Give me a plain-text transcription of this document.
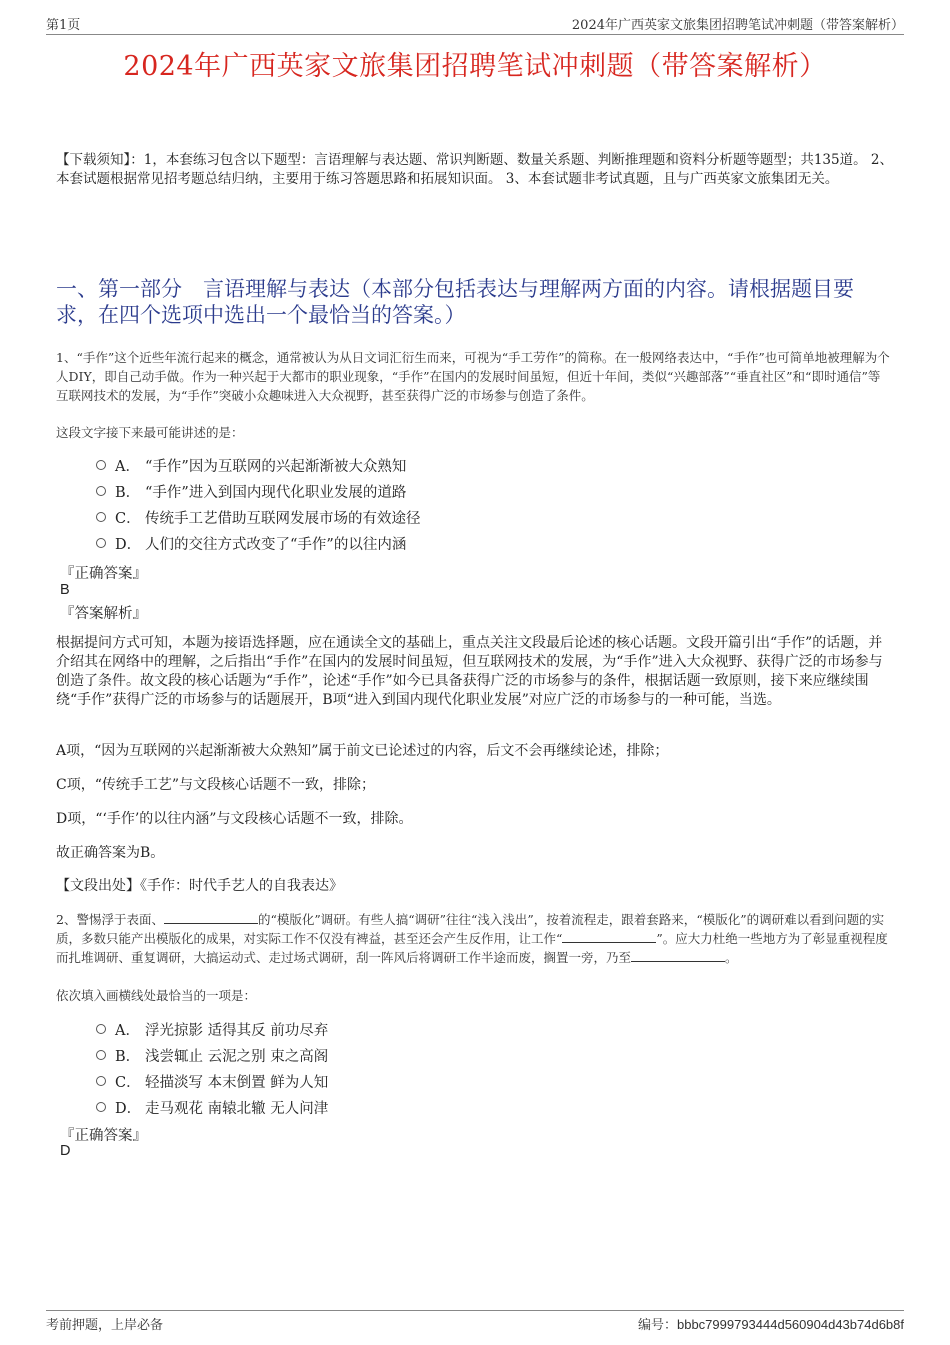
第1页	2024年广西英家文旅集团招聘笔试冲刺题（带答案解析）
2024年广西英家文旅集团招聘笔试冲刺题（带答案解析）
【下载须知】：1，本套练习包含以下题型：言语理解与表达题、常识判断题、数量关系题、判断推理题和资料分析题等题型；共135道。 2、本套试题根据常见招考题总结归纳，主要用于练习答题思路和拓展知识面。 3、本套试题非考试真题，且与广西英家文旅集团无关。
一、第一部分　言语理解与表达（本部分包括表达与理解两方面的内容。请根据题目要求，在四个选项中选出一个最恰当的答案。）
1、“手作”这个近些年流行起来的概念，通常被认为从日文词汇衍生而来，可视为“手工劳作”的简称。在一般网络表达中，“手作”也可简单地被理解为个人DIY，即自己动手做。作为一种兴起于大都市的职业现象，“手作”在国内的发展时间虽短，但近十年间，类似“兴趣部落”“垂直社区”和“即时通信”等互联网技术的发展，为“手作”突破小众趣味进入大众视野，甚至获得广泛的市场参与创造了条件。
这段文字接下来最可能讲述的是：
A． “手作”因为互联网的兴起渐渐被大众熟知
B． “手作”进入到国内现代化职业发展的道路
C． 传统手工艺借助互联网发展市场的有效途径
D． 人们的交往方式改变了“手作”的以往内涵
『正确答案』
B
『答案解析』
根据提问方式可知，本题为接语选择题，应在通读全文的基础上，重点关注文段最后论述的核心话题。文段开篇引出“手作”的话题，并介绍其在网络中的理解，之后指出“手作”在国内的发展时间虽短，但互联网技术的发展，为“手作”进入大众视野、获得广泛的市场参与创造了条件。故文段的核心话题为“手作”，论述“手作”如今已具备获得广泛的市场参与的条件，根据话题一致原则，接下来应继续围绕“手作”获得广泛的市场参与的话题展开，B项“进入到国内现代化职业发展”对应广泛的市场参与的一种可能，当选。
A项，“因为互联网的兴起渐渐被大众熟知”属于前文已论述过的内容，后文不会再继续论述，排除；
C项，“传统手工艺”与文段核心话题不一致，排除；
D项，“‘手作’的以往内涵”与文段核心话题不一致，排除。
故正确答案为B。
【文段出处】《手作：时代手艺人的自我表达》
2、警惕浮于表面、	的“模版化”调研。有些人搞“调研”往往“浅入浅出”，按着流程走，跟着套路来，“模版化”的调研难以看到问题的实质，多数只能产出模版化的成果，对实际工作不仅没有裨益，甚至还会产生反作用，让工作“	”。应大力杜绝一些地方为了彰显重视程度而扎堆调研、重复调研，大搞运动式、走过场式调研，刮一阵风后将调研工作半途而废，搁置一旁，乃至	。
依次填入画横线处最恰当的一项是：
A． 浮光掠影 适得其反 前功尽弃
B． 浅尝辄止 云泥之别 束之高阁
C． 轻描淡写 本末倒置 鲜为人知
D． 走马观花 南辕北辙 无人问津
『正确答案』
D
考前押题，上岸必备	编号：bbbc7999793444d560904d43b74d6b8f
